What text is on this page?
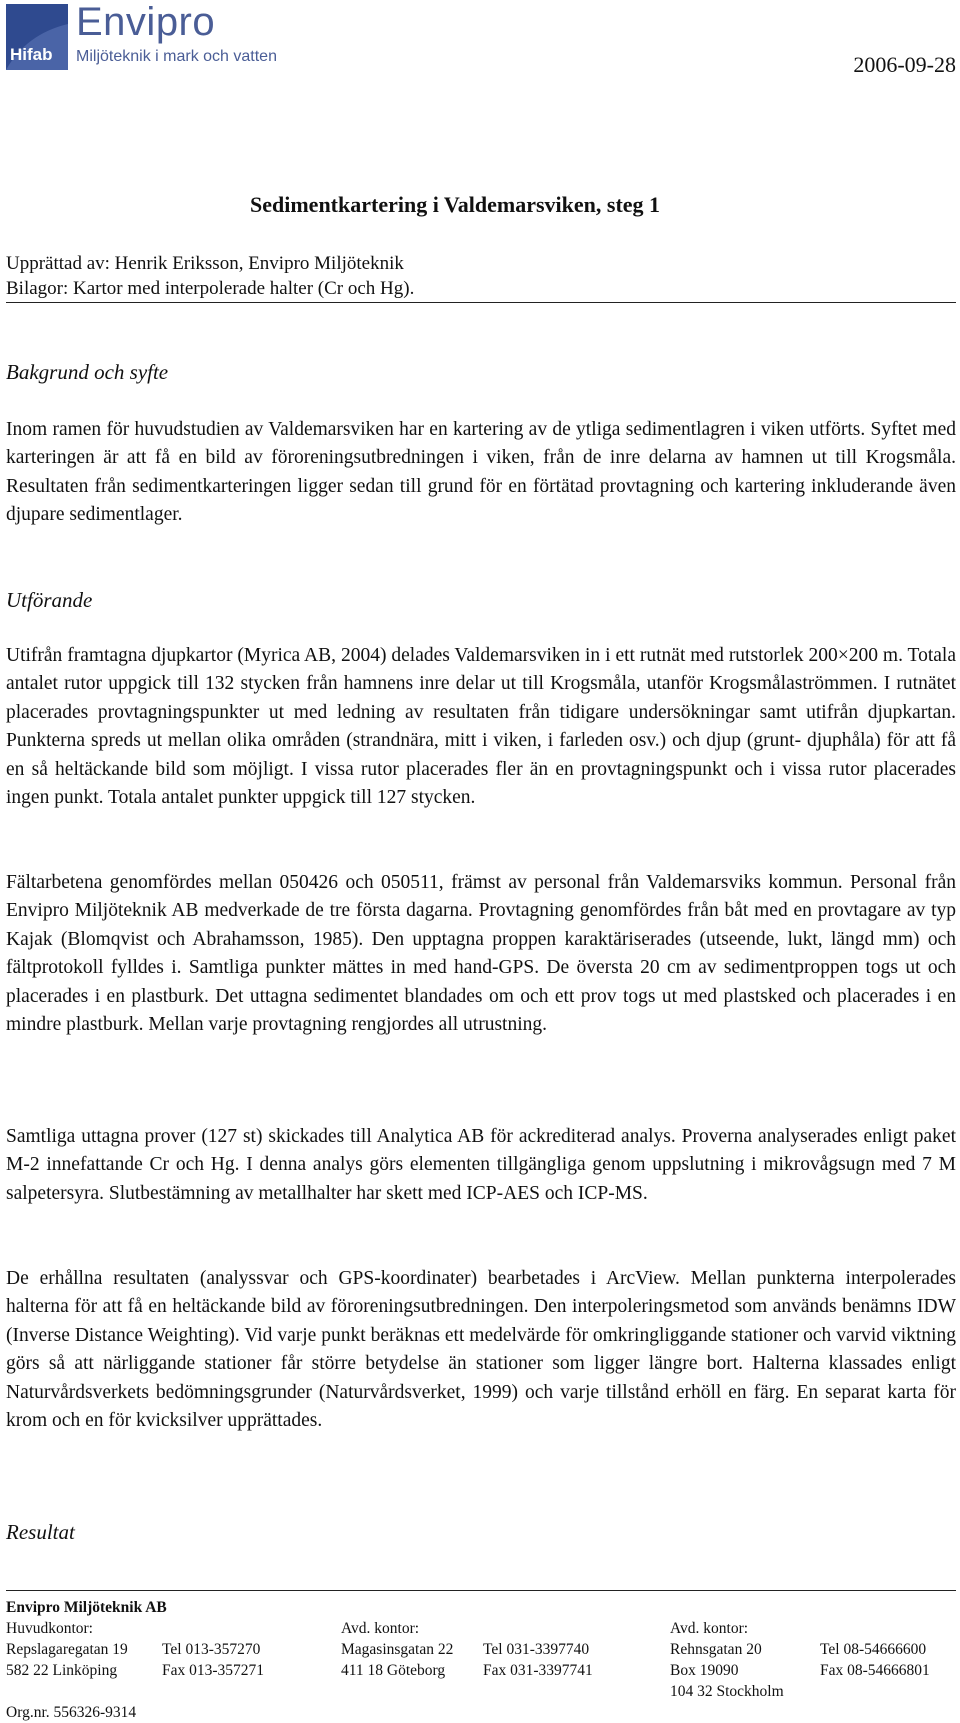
Hifab
Envipro
Miljöteknik i mark och vatten	2006-09-28
Sedimentkartering i Valdemarsviken, steg 1
Upprättad av: Henrik Eriksson, Envipro Miljöteknik
Bilagor: Kartor med interpolerade halter (Cr och Hg).
Bakgrund och syfte

Inom ramen för huvudstudien av Valdemarsviken har en kartering av de ytliga sedimentlagren i viken utförts. Syftet med karteringen är att få en bild av föroreningsutbredningen i viken, från de inre delarna av hamnen ut till Krogsmåla. Resultaten från sedimentkarteringen ligger sedan till grund för en förtätad provtagning och kartering inkluderande även djupare sedimentlager.

Utförande

Utifrån framtagna djupkartor (Myrica AB, 2004) delades Valdemarsviken in i ett rutnät med rutstorlek 200×200 m. Totala antalet rutor uppgick till 132 stycken från hamnens inre delar ut till Krogsmåla, utanför Krogsmålaströmmen. I rutnätet placerades provtagningspunkter ut med ledning av resultaten från tidigare undersökningar samt utifrån djupkartan. Punkterna spreds ut mellan olika områden (strandnära, mitt i viken, i farleden osv.) och djup (grunt- djuphåla) för att få en så heltäckande bild som möjligt. I vissa rutor placerades fler än en provtagningspunkt och i vissa rutor placerades ingen punkt. Totala antalet punkter uppgick till 127 stycken.

Fältarbetena genomfördes mellan 050426 och 050511, främst av personal från Valdemarsviks kommun. Personal från Envipro Miljöteknik AB medverkade de tre första dagarna. Provtagning genomfördes från båt med en provtagare av typ Kajak (Blomqvist och Abrahamsson, 1985). Den upptagna proppen karaktäriserades (utseende, lukt, längd mm) och fältprotokoll fylldes i. Samtliga punkter mättes in med hand-GPS. De översta 20 cm av sedimentproppen togs ut och placerades i en plastburk. Det uttagna sedimentet blandades om och ett prov togs ut med plastsked och placerades i en mindre plastburk. Mellan varje provtagning rengjordes all utrustning.

Samtliga uttagna prover (127 st) skickades till Analytica AB för ackrediterad analys. Proverna analyserades enligt paket M-2 innefattande Cr och Hg. I denna analys görs elementen tillgängliga genom uppslutning i mikrovågsugn med 7 M salpetersyra. Slutbestämning av metallhalter har skett med ICP-AES och ICP-MS.

De erhållna resultaten (analyssvar och GPS-koordinater) bearbetades i ArcView. Mellan punkterna interpolerades halterna för att få en heltäckande bild av föroreningsutbredningen. Den interpoleringsmetod som används benämns IDW (Inverse Distance Weighting). Vid varje punkt beräknas ett medelvärde för omkringliggande stationer och varvid viktning görs så att närliggande stationer får större betydelse än stationer som ligger längre bort. Halterna klassades enligt Naturvårdsverkets bedömningsgrunder (Naturvårdsverket, 1999) och varje tillstånd erhöll en färg. En separat karta för krom och en för kvicksilver upprättades.

Resultat
Envipro Miljöteknik AB
Huvudkontor:
Repslagaregatan 19 Tel 013-357270
582 22 Linköping	Fax 013-357271
Org.nr. 556326-9314
Avd. kontor:
Magasinsgatan 22 Tel 031-3397740
411 18 Göteborg Fax 031-3397741
Avd. kontor:
Rehnsgatan 20	Tel 08-54666600
Box 19090	Fax 08-54666801
104 32 Stockholm
